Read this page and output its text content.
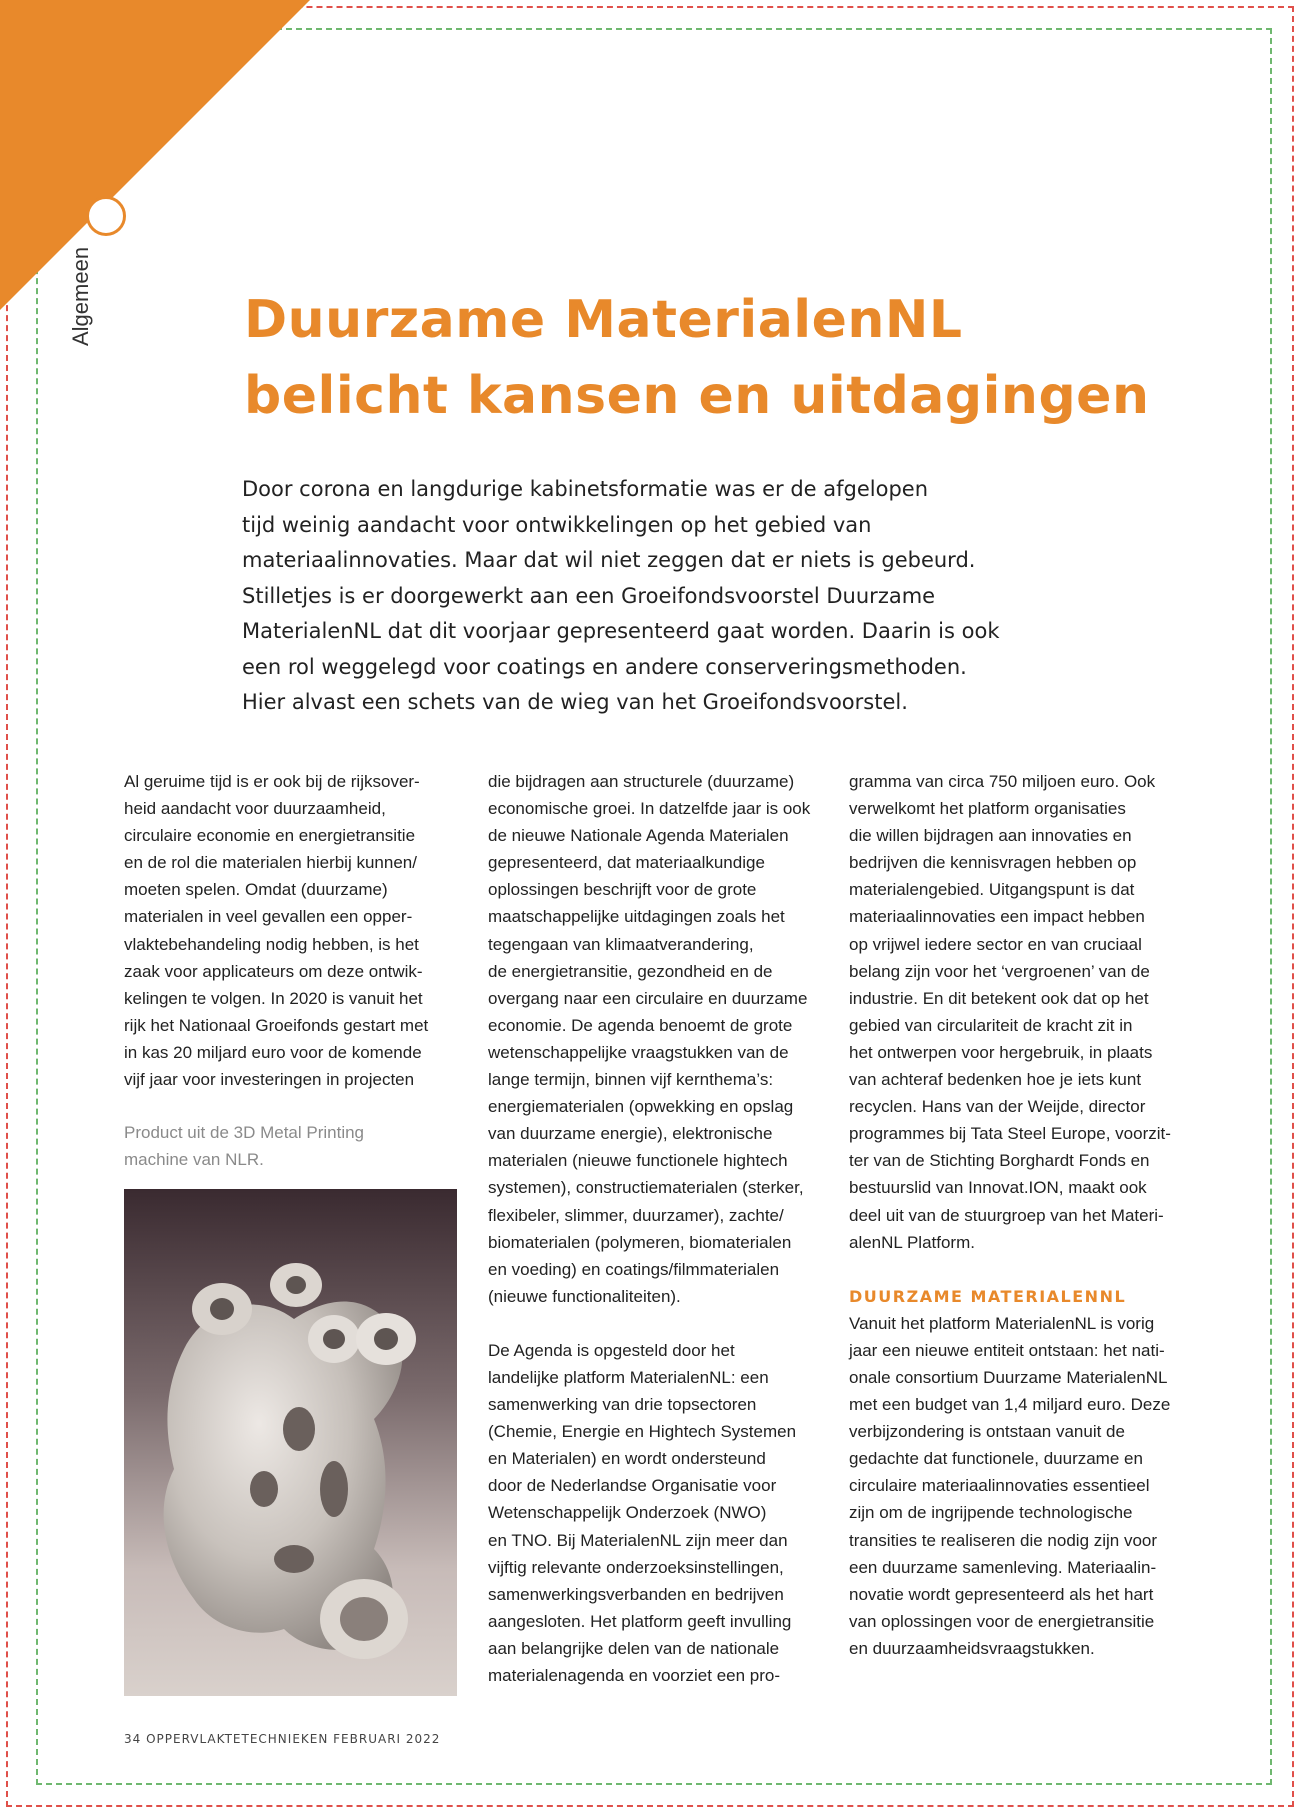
Algemeen	Duurzame MaterialenNL
belicht kansen en uitdagingen
Door corona en langdurige kabinetsformatie was er de afgelopen
tijd weinig aandacht voor ontwikkelingen op het gebied van
materiaalinnovaties. Maar dat wil niet zeggen dat er niets is gebeurd.
Stilletjes is er doorgewerkt aan een Groeifondsvoorstel Duurzame
MaterialenNL dat dit voorjaar gepresenteerd gaat worden. Daarin is ook
een rol weggelegd voor coatings en andere conserveringsmethoden.
Hier alvast een schets van de wieg van het Groeifondsvoorstel.
Al geruime tijd is er ook bij de rijksover-
heid aandacht voor duurzaamheid,
circulaire economie en energietransitie
en de rol die materialen hierbij kunnen/
moeten spelen. Omdat (duurzame)
materialen in veel gevallen een opper-
vlaktebehandeling nodig hebben, is het
zaak voor applicateurs om deze ontwik-
kelingen te volgen. In 2020 is vanuit het
rijk het Nationaal Groeifonds gestart met
in kas 20 miljard euro voor de komende
vijf jaar voor investeringen in projecten
Product uit de 3D Metal Printing
machine van NLR.
die bijdragen aan structurele (duurzame)
economische groei. In datzelfde jaar is ook
de nieuwe Nationale Agenda Materialen
gepresenteerd, dat materiaalkundige
oplossingen beschrijft voor de grote
maatschappelijke uitdagingen zoals het
tegengaan van klimaatverandering,
de energietransitie, gezondheid en de
overgang naar een circulaire en duurzame
economie. De agenda benoemt de grote
wetenschappelijke vraagstukken van de
lange termijn, binnen vijf kernthema’s:
energiematerialen (opwekking en opslag
van duurzame energie), elektronische
materialen (nieuwe functionele hightech
systemen), constructiematerialen (sterker,
flexibeler, slimmer, duurzamer), zachte/
biomaterialen (polymeren, biomaterialen
en voeding) en coatings/filmmaterialen
(nieuwe functionaliteiten).
De Agenda is opgesteld door het
landelijke platform MaterialenNL: een
samenwerking van drie topsectoren
(Chemie, Energie en Hightech Systemen
en Materialen) en wordt ondersteund
door de Nederlandse Organisatie voor
Wetenschappelijk Onderzoek (NWO)
en TNO. Bij MaterialenNL zijn meer dan
vijftig relevante onderzoeksinstellingen,
samenwerkingsverbanden en bedrijven
aangesloten. Het platform geeft invulling
aan belangrijke delen van de nationale
materialenagenda en voorziet een pro-
gramma van circa 750 miljoen euro. Ook
verwelkomt het platform organisaties
die willen bijdragen aan innovaties en
bedrijven die kennisvragen hebben op
materialengebied. Uitgangspunt is dat
materiaalinnovaties een impact hebben
op vrijwel iedere sector en van cruciaal
belang zijn voor het ‘vergroenen’ van de
industrie. En dit betekent ook dat op het
gebied van circulariteit de kracht zit in
het ontwerpen voor hergebruik, in plaats
van achteraf bedenken hoe je iets kunt
recyclen. Hans van der Weijde, director
programmes bij Tata Steel Europe, voorzit-
ter van de Stichting Borghardt Fonds en
bestuurslid van Innovat.ION, maakt ook
deel uit van de stuurgroep van het Materi-
alenNL Platform.
DUURZAME MATERIALENNL
Vanuit het platform MaterialenNL is vorig
jaar een nieuwe entiteit ontstaan: het nati-
onale consortium Duurzame MaterialenNL
met een budget van 1,4 miljard euro. Deze
verbijzondering is ontstaan vanuit de
gedachte dat functionele, duurzame en
circulaire materiaalinnovaties essentieel
zijn om de ingrijpende technologische
transities te realiseren die nodig zijn voor
een duurzame samenleving. Materiaalin-
novatie wordt gepresenteerd als het hart
van oplossingen voor de energietransitie
en duurzaamheidsvraagstukken.
34 OPPERVLAKTETECHNIEKEN FEBRUARI 2022
